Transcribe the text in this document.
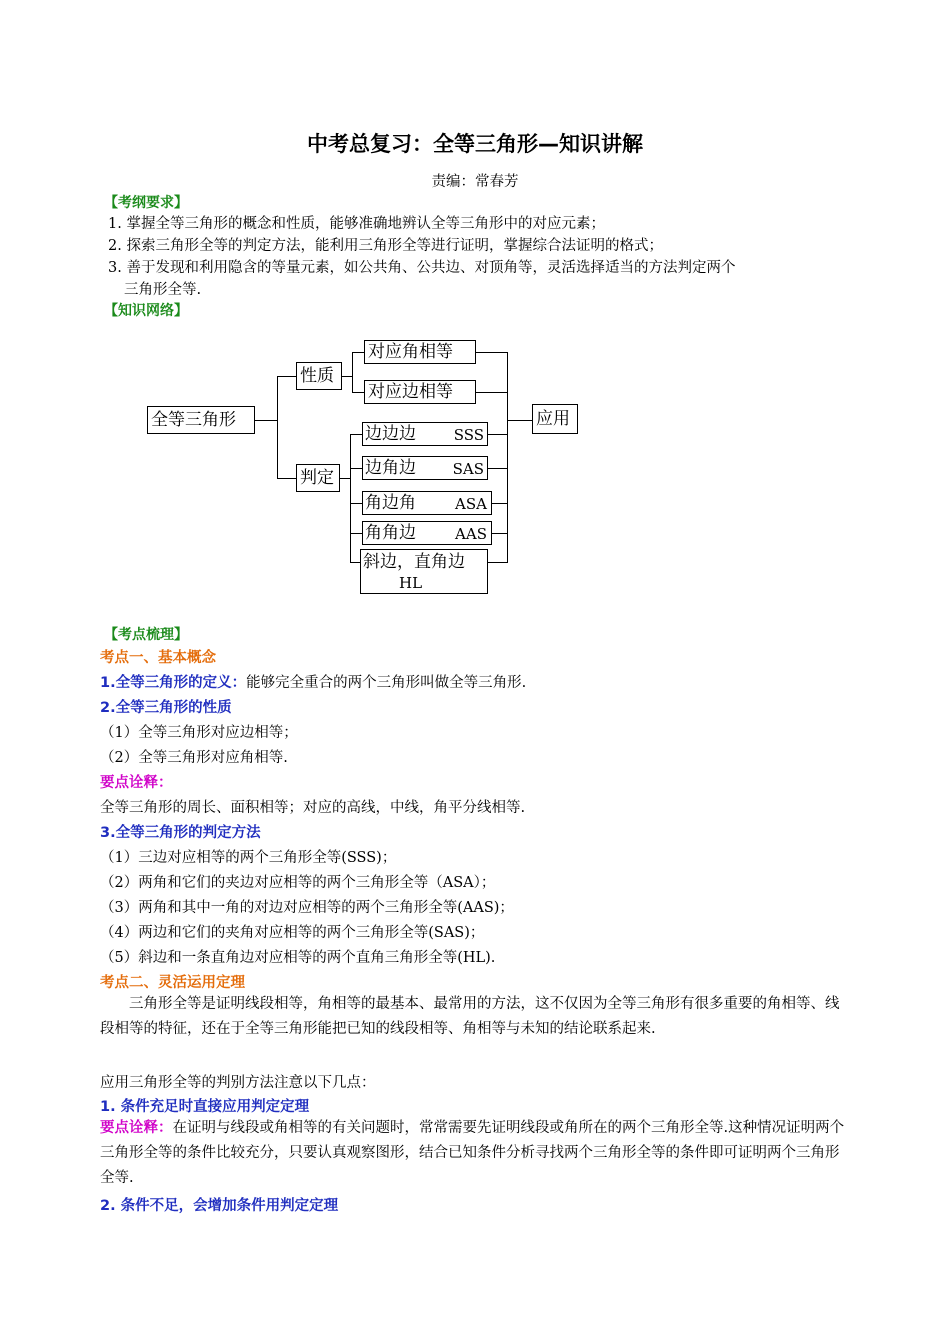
中考总复习：全等三角形—知识讲解
责编：常春芳
【考纲要求】
1. 掌握全等三角形的概念和性质，能够准确地辨认全等三角形中的对应元素；
2. 探索三角形全等的判定方法，能利用三角形全等进行证明，掌握综合法证明的格式；
3. 善于发现和利用隐含的等量元素，如公共角、公共边、对顶角等，灵活选择适当的方法判定两个
三角形全等.
【知识网络】
全等三角形
性质
判定
应用
对应角相等
对应边相等
边边边	SSS
边角边 SAS
角边角	ASA
角角边	AAS
斜边，直角边
HL
【考点梳理】
考点一、基本概念
1.全等三角形的定义：能够完全重合的两个三角形叫做全等三角形.
2.全等三角形的性质
（1）全等三角形对应边相等；
（2）全等三角形对应角相等.
要点诠释：
全等三角形的周长、面积相等；对应的高线，中线，角平分线相等.
3.全等三角形的判定方法
（1）三边对应相等的两个三角形全等(SSS)；
（2）两角和它们的夹边对应相等的两个三角形全等（ASA）；
（3）两角和其中一角的对边对应相等的两个三角形全等(AAS)；
（4）两边和它们的夹角对应相等的两个三角形全等(SAS)；
（5）斜边和一条直角边对应相等的两个直角三角形全等(HL).
考点二、灵活运用定理
三角形全等是证明线段相等，角相等的最基本、最常用的方法，这不仅因为全等三角形有很多重要的角相等、线段相等的特征，还在于全等三角形能把已知的线段相等、角相等与未知的结论联系起来.
应用三角形全等的判别方法注意以下几点：
1. 条件充足时直接应用判定定理
要点诠释：在证明与线段或角相等的有关问题时，常常需要先证明线段或角所在的两个三角形全等.这种情况证明两个三角形全等的条件比较充分，只要认真观察图形，结合已知条件分析寻找两个三角形全等的条件即可证明两个三角形全等.
2. 条件不足，会增加条件用判定定理
